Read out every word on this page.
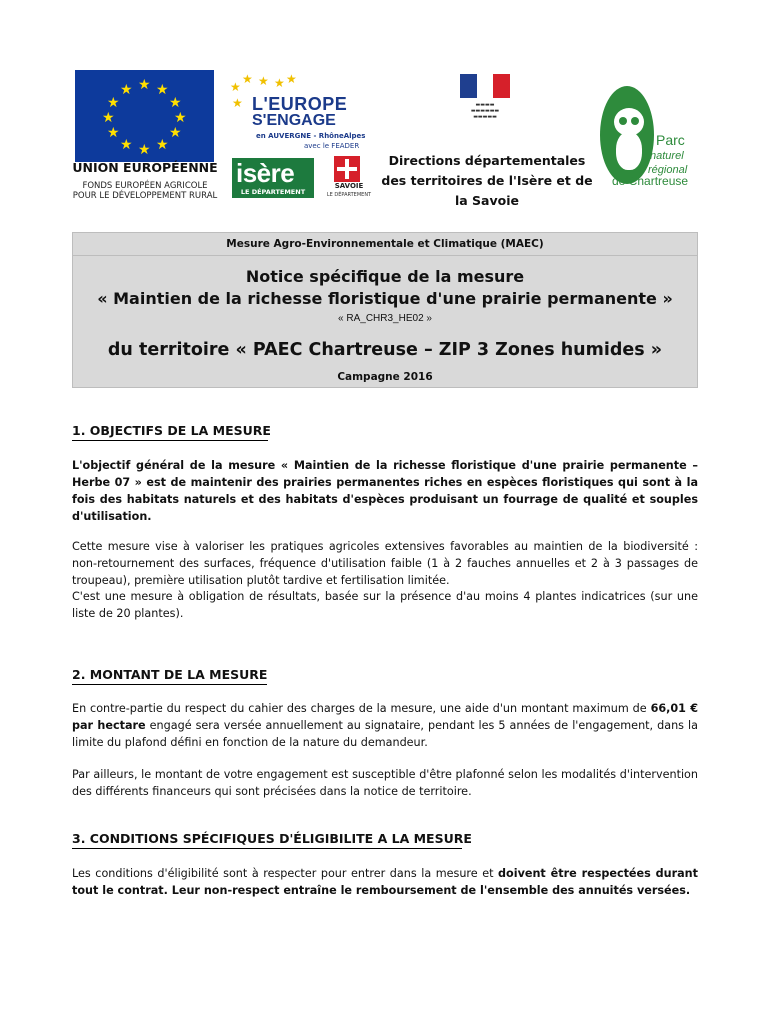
★ ★
★
★
★
★
★
★
★
★
★
★
UNION EUROPÉENNE
FONDS EUROPÉEN AGRICOLE
POUR LE DÉVELOPPEMENT RURAL
★
★
★ ★ ★ ★
L'EUROPE
S'ENGAGE
en AUVERGNE - RhôneAlpes
avec le FEADER
isère
LE DÉPARTEMENT
SAVOIE
LE DÉPARTEMENT
▬▬▬▬
▬▬▬▬▬▬
▬▬▬▬▬
Directions départementales
des territoires de l'Isère et de
la Savoie
Parc
naturel
régional
de Chartreuse
Mesure Agro-Environnementale et Climatique (MAEC)
Notice spécifique de la mesure
« Maintien de la richesse floristique d'une prairie permanente »
« RA_CHR3_HE02 »
du territoire « PAEC Chartreuse – ZIP 3 Zones humides »
Campagne 2016
1. OBJECTIFS DE LA MESURE
L'objectif général de la mesure « Maintien de la richesse floristique d'une prairie permanente – Herbe 07 » est de maintenir des prairies permanentes riches en espèces floristiques qui sont à la fois des habitats naturels et des habitats d'espèces produisant un fourrage de qualité et souples d'utilisation.
Cette mesure vise à valoriser les pratiques agricoles extensives favorables au maintien de la biodiversité : non-retournement des surfaces, fréquence d'utilisation faible (1 à 2 fauches annuelles et 2 à 3 passages de troupeau), première utilisation plutôt tardive et fertilisation limitée.
C'est une mesure à obligation de résultats, basée sur la présence d'au moins 4 plantes indicatrices (sur une liste de 20 plantes).
2. MONTANT DE LA MESURE
En contre-partie du respect du cahier des charges de la mesure, une aide d'un montant maximum de 66,01 € par hectare engagé sera versée annuellement au signataire, pendant les 5 années de l'engagement, dans la limite du plafond défini en fonction de la nature du demandeur.
Par ailleurs, le montant de votre engagement est susceptible d'être plafonné selon les modalités d'intervention des différents financeurs qui sont précisées dans la notice de territoire.
3. CONDITIONS SPÉCIFIQUES D'ÉLIGIBILITE A LA MESURE
Les conditions d'éligibilité sont à respecter pour entrer dans la mesure et doivent être respectées durant tout le contrat. Leur non-respect entraîne le remboursement de l'ensemble des annuités versées.
